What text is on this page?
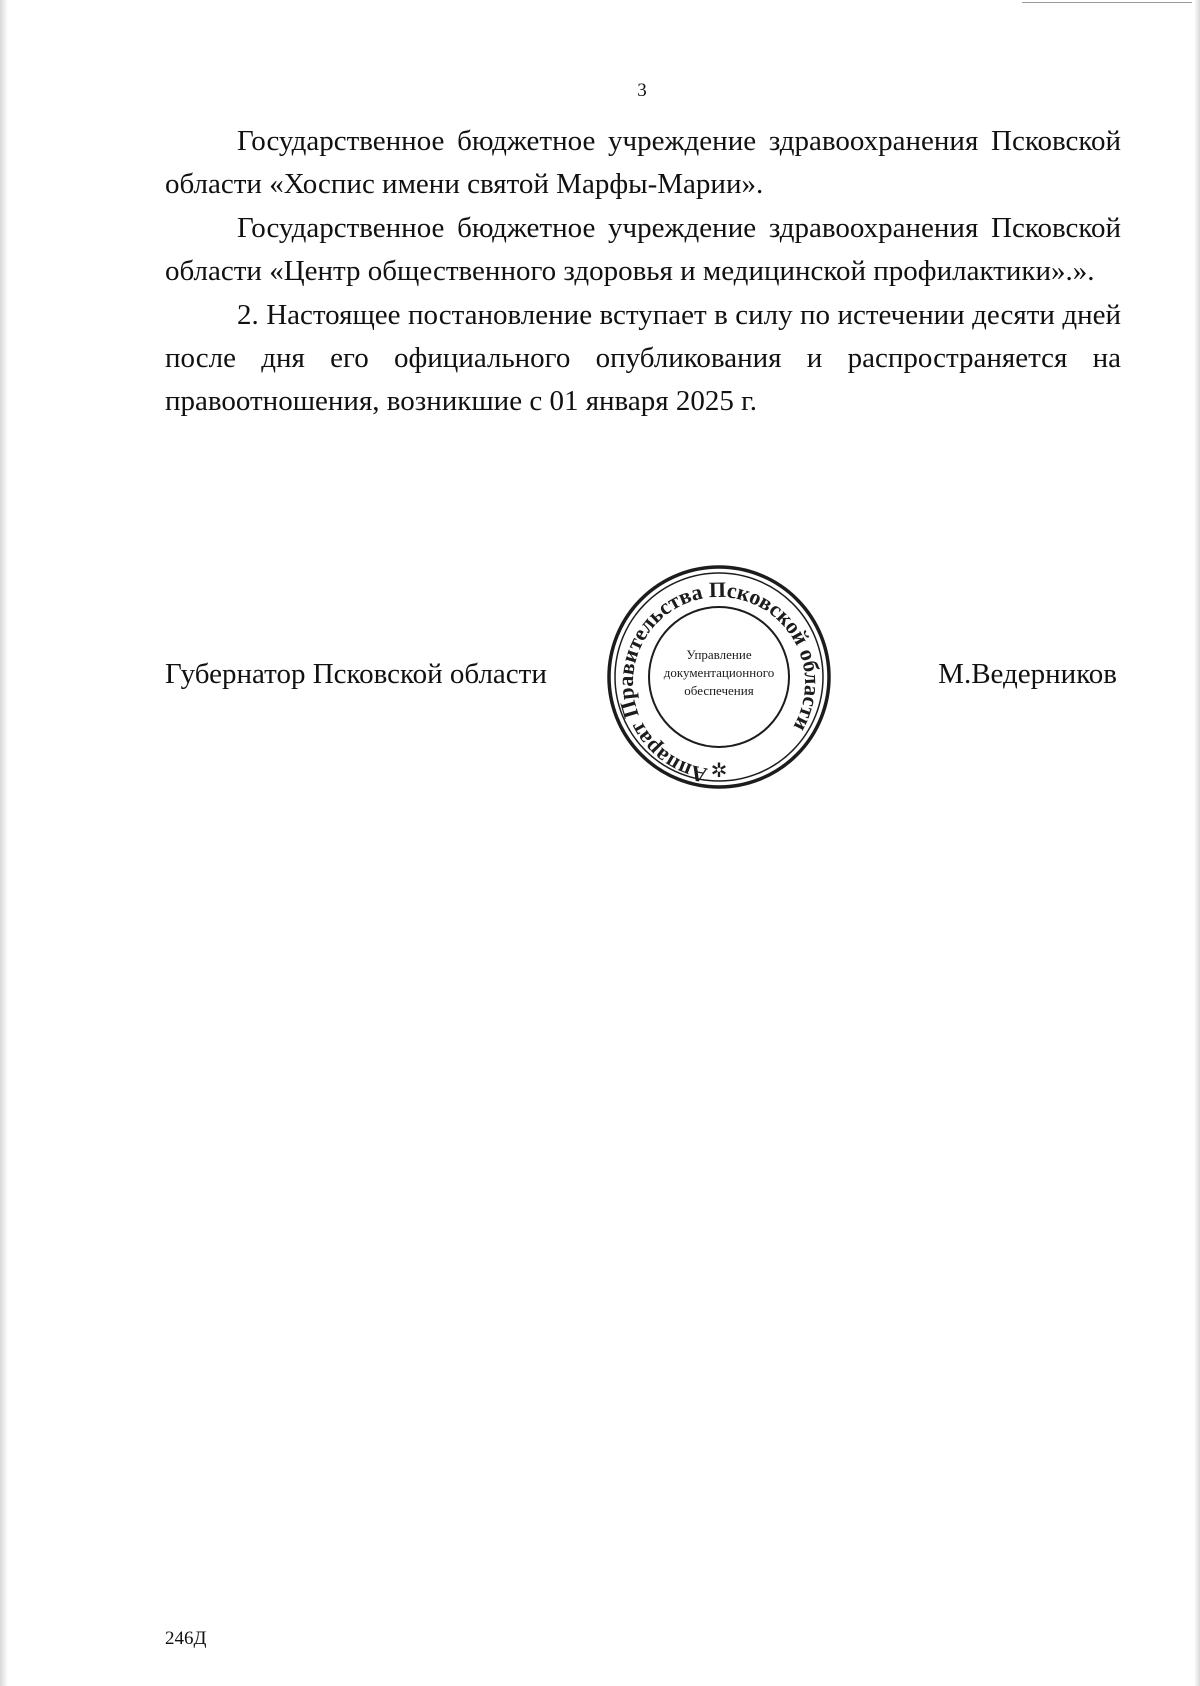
3

Государственное бюджетное учреждение здравоохранения Псковской области «Хоспис имени святой Марфы-Марии».

Государственное бюджетное учреждение здравоохранения Псковской области «Центр общественного здоровья и медицинской профилактики».».

2. Настоящее постановление вступает в силу по истечении десяти дней после дня его официального опубликования и распространяется на правоотношения, возникшие с 01 января 2025 г.

Губернатор Псковской области	М.Ведерников
Аппарат Правительства Псковской области
Управление
документационного
обеспечения
✲
246Д
